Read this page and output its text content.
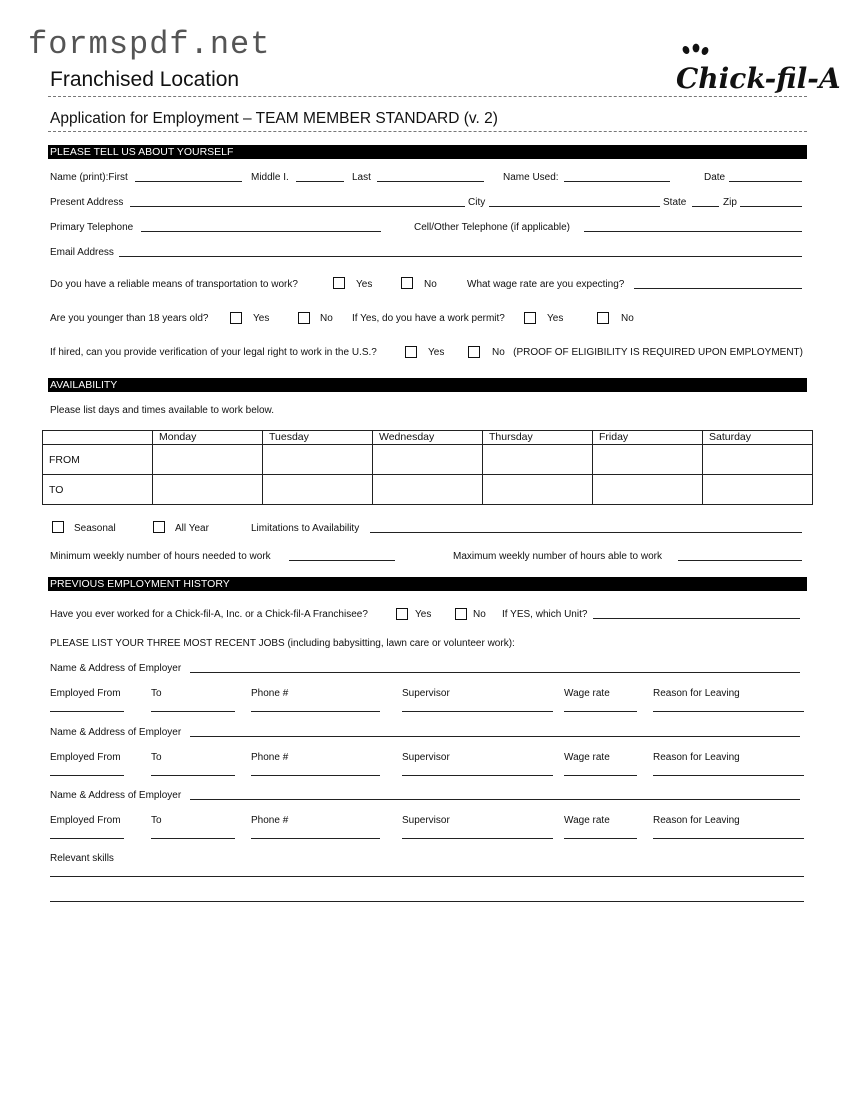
formspdf.net
Franchised Location	Chick-fil-A
Application for Employment – TEAM MEMBER STANDARD (v. 2)
PLEASE TELL US ABOUT YOURSELF
Name (print):First	Middle I.	Last	Name Used:	Date
Present Address	City	State	Zip
Primary Telephone	Cell/Other Telephone (if applicable)
Email Address
Do you have a reliable means of transportation to work?	Yes	No	What wage rate are you expecting?
Are you younger than 18 years old?	Yes	No If Yes, do you have a work permit?	Yes	No
If hired, can you provide verification of your legal right to work in the U.S.?	Yes	No   (PROOF OF ELIGIBILITY IS REQUIRED UPON EMPLOYMENT)
AVAILABILITY
Please list days and times available to work below.
	Monday	Tuesday	Wednesday	Thursday	Friday	Saturday
FROM						
TO						
Seasonal	All Year	Limitations to Availability
Minimum weekly number of hours needed to work	Maximum weekly number of hours able to work
PREVIOUS EMPLOYMENT HISTORY
Have you ever worked for a Chick-fil-A, Inc. or a Chick-fil-A Franchisee?	Yes	No If YES, which Unit?
PLEASE LIST YOUR THREE MOST RECENT JOBS (including babysitting, lawn care or volunteer work):
Name & Address of Employer
Employed From	To	Phone #	Supervisor	Wage rate	Reason for Leaving
Name & Address of Employer
Employed From	To	Phone #	Supervisor	Wage rate	Reason for Leaving
Name & Address of Employer
Employed From	To	Phone #	Supervisor	Wage rate	Reason for Leaving
Relevant skills
